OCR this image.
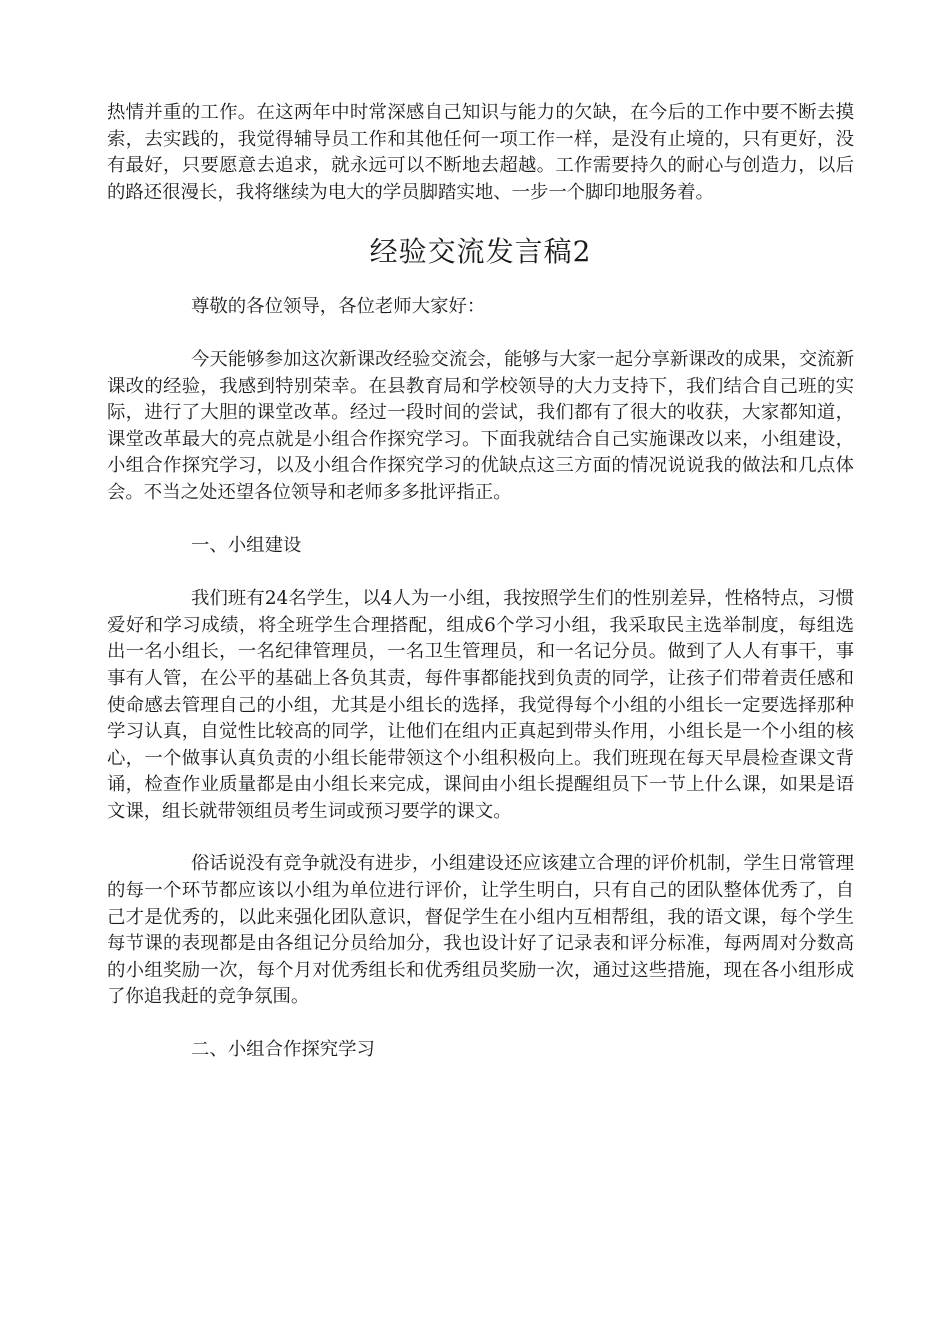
热情并重的工作。在这两年中时常深感自己知识与能力的欠缺，在今后的工作中要不断去摸索，去实践的，我觉得辅导员工作和其他任何一项工作一样，是没有止境的，只有更好，没有最好，只要愿意去追求，就永远可以不断地去超越。工作需要持久的耐心与创造力，以后的路还很漫长，我将继续为电大的学员脚踏实地、一步一个脚印地服务着。

经验交流发言稿2

尊敬的各位领导，各位老师大家好：

今天能够参加这次新课改经验交流会，能够与大家一起分享新课改的成果，交流新课改的经验，我感到特别荣幸。在县教育局和学校领导的大力支持下，我们结合自己班的实际，进行了大胆的课堂改革。经过一段时间的尝试，我们都有了很大的收获，大家都知道，课堂改革最大的亮点就是小组合作探究学习。下面我就结合自己实施课改以来，小组建设，小组合作探究学习，以及小组合作探究学习的优缺点这三方面的情况说说我的做法和几点体会。不当之处还望各位领导和老师多多批评指正。

一、小组建设

我们班有24名学生，以4人为一小组，我按照学生们的性别差异，性格特点，习惯爱好和学习成绩，将全班学生合理搭配，组成6个学习小组，我采取民主选举制度，每组选出一名小组长，一名纪律管理员，一名卫生管理员，和一名记分员。做到了人人有事干，事事有人管，在公平的基础上各负其责，每件事都能找到负责的同学，让孩子们带着责任感和使命感去管理自己的小组，尤其是小组长的选择，我觉得每个小组的小组长一定要选择那种学习认真，自觉性比较高的同学，让他们在组内正真起到带头作用，小组长是一个小组的核心，一个做事认真负责的小组长能带领这个小组积极向上。我们班现在每天早晨检查课文背诵，检查作业质量都是由小组长来完成，课间由小组长提醒组员下一节上什么课，如果是语文课，组长就带领组员考生词或预习要学的课文。

俗话说没有竞争就没有进步，小组建设还应该建立合理的评价机制，学生日常管理的每一个环节都应该以小组为单位进行评价，让学生明白，只有自己的团队整体优秀了，自己才是优秀的，以此来强化团队意识，督促学生在小组内互相帮组，我的语文课，每个学生每节课的表现都是由各组记分员给加分，我也设计好了记录表和评分标准，每两周对分数高的小组奖励一次，每个月对优秀组长和优秀组员奖励一次，通过这些措施，现在各小组形成了你追我赶的竞争氛围。

二、小组合作探究学习
